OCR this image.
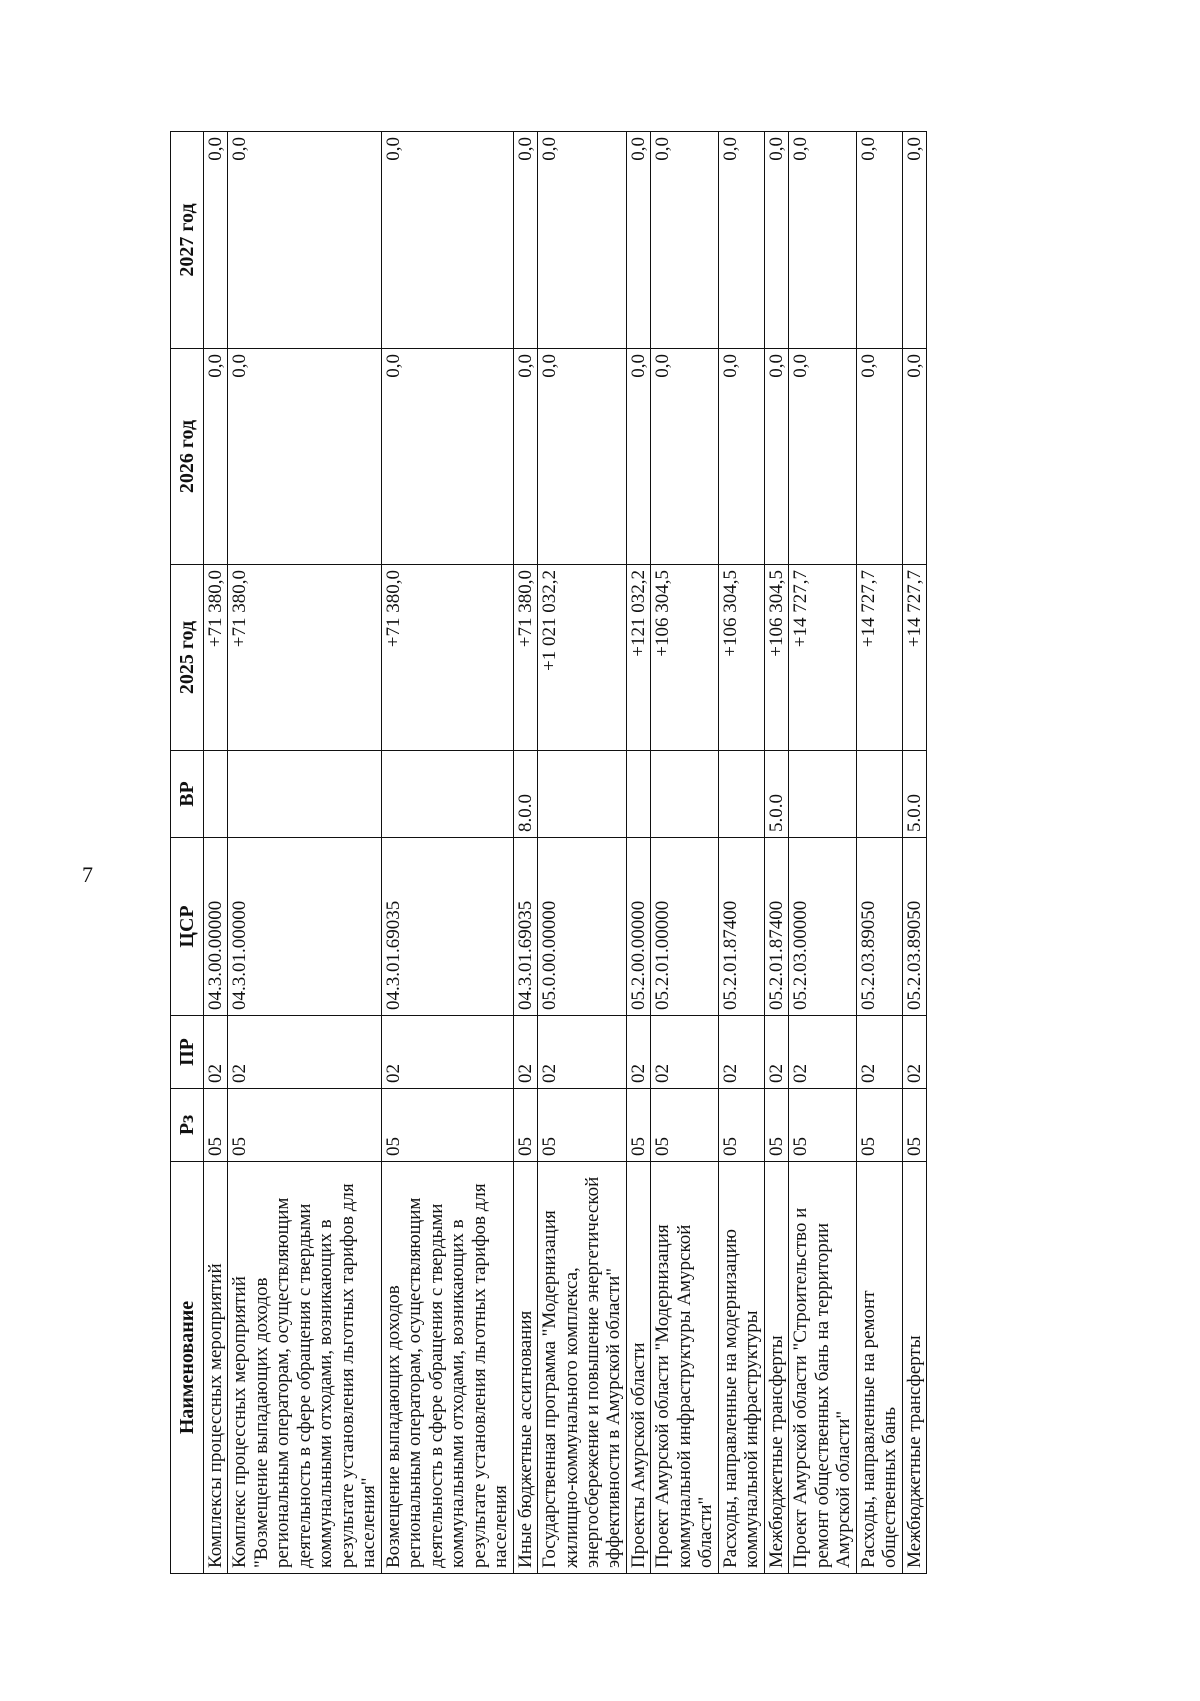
7
Наименование	Рз	ПР	ЦСР	ВР	2025 год	2026 год	2027 год
Комплексы процессных мероприятий	05	02	04.3.00.00000		+71 380,0	0,0	0,0
Комплекс процессных мероприятий "Возмещение выпадающих доходов региональным операторам, осуществляющим деятельность в сфере обращения с твердыми коммунальными отходами, возникающих в результате установления льготных тарифов для населения"	05	02	04.3.01.00000		+71 380,0	0,0	0,0
Возмещение выпадающих доходов региональным операторам, осуществляющим деятельность в сфере обращения с твердыми коммунальными отходами, возникающих в результате установления льготных тарифов для населения	05	02	04.3.01.69035		+71 380,0	0,0	0,0
Иные бюджетные ассигнования	05	02	04.3.01.69035	8.0.0	+71 380,0	0,0	0,0
Государственная программа "Модернизация жилищно-коммунального комплекса, энергосбережение и повышение энергетической эффективности в Амурской области"	05	02	05.0.00.00000		+1 021 032,2	0,0	0,0
Проекты Амурской области	05	02	05.2.00.00000		+121 032,2	0,0	0,0
Проект Амурской области "Модернизация коммунальной инфраструктуры Амурской области"	05	02	05.2.01.00000		+106 304,5	0,0	0,0
Расходы, направленные на модернизацию коммунальной инфраструктуры	05	02	05.2.01.87400		+106 304,5	0,0	0,0
Межбюджетные трансферты	05	02	05.2.01.87400	5.0.0	+106 304,5	0,0	0,0
Проект Амурской области "Строительство и ремонт общественных бань на территории Амурской области"	05	02	05.2.03.00000		+14 727,7	0,0	0,0
Расходы, направленные на ремонт общественных бань	05	02	05.2.03.89050		+14 727,7	0,0	0,0
Межбюджетные трансферты	05	02	05.2.03.89050	5.0.0	+14 727,7	0,0	0,0
